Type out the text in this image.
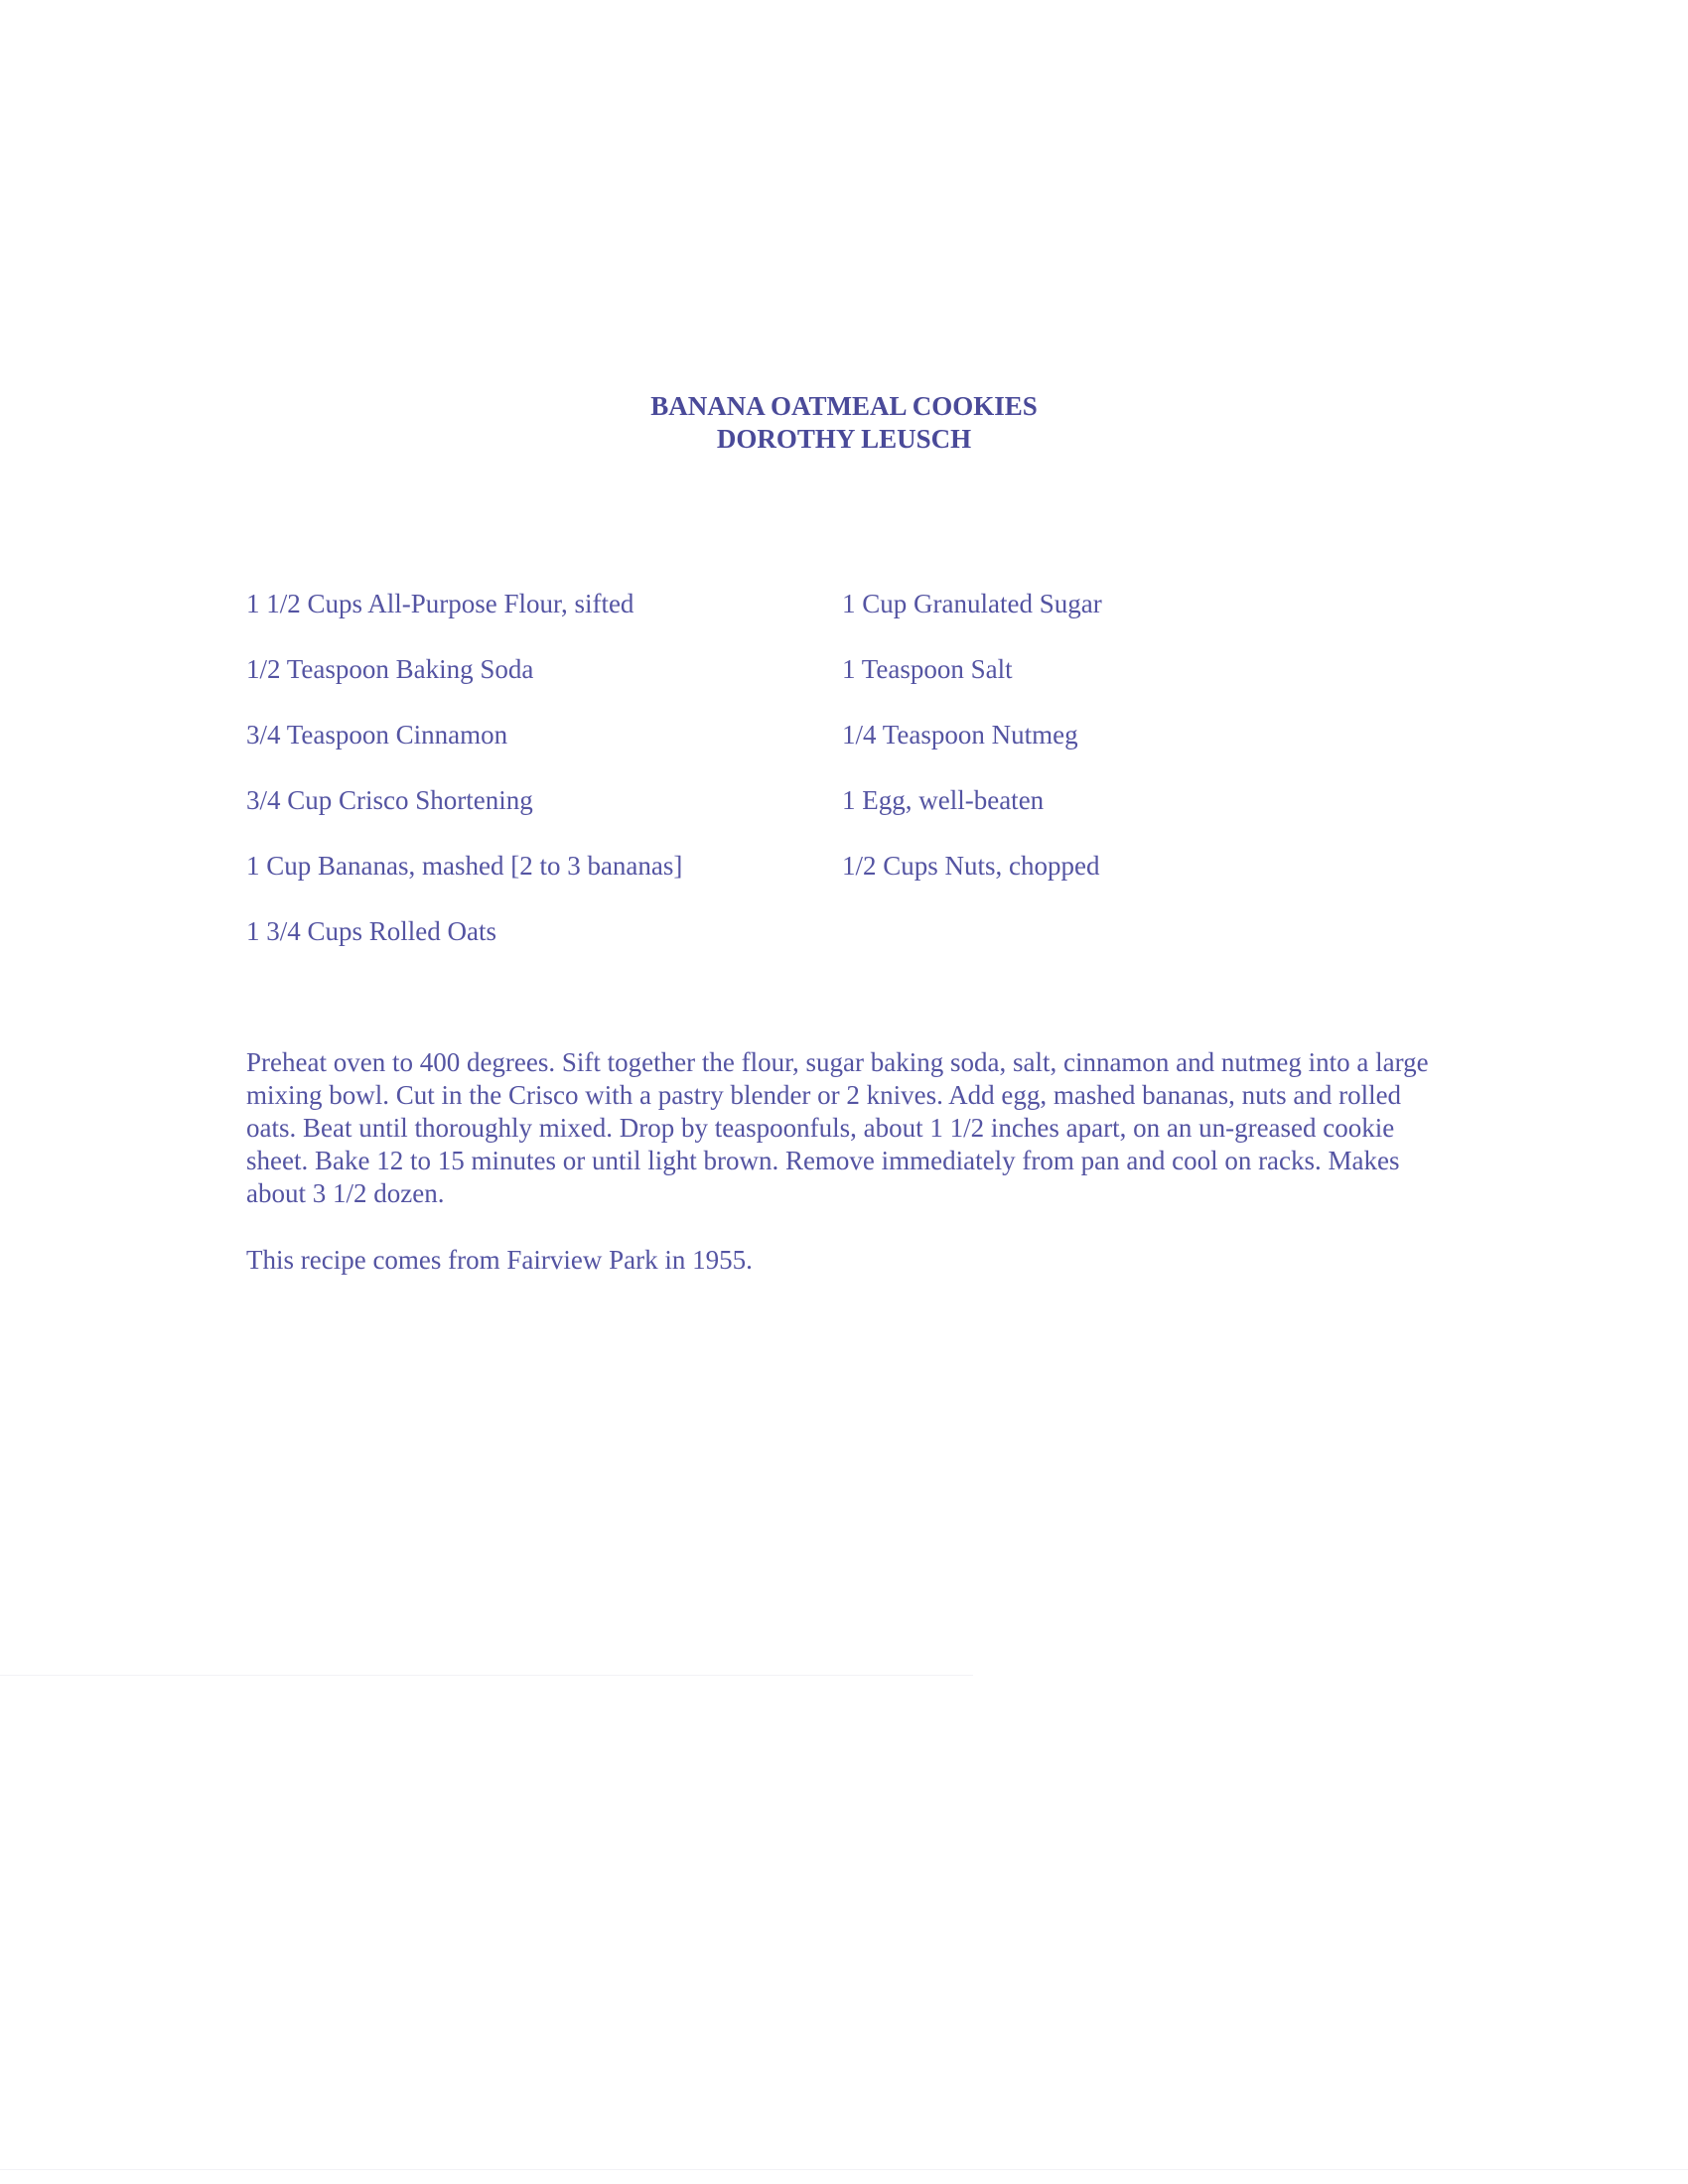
BANANA OATMEAL COOKIES
DOROTHY LEUSCH
1 1/2 Cups All-Purpose Flour, sifted	1 Cup Granulated Sugar
1/2 Teaspoon Baking Soda	1 Teaspoon Salt
3/4 Teaspoon Cinnamon	1/4 Teaspoon Nutmeg
3/4 Cup Crisco Shortening	1 Egg, well-beaten
1 Cup Bananas, mashed [2 to 3 bananas]	1/2 Cups Nuts, chopped
1 3/4 Cups Rolled Oats

Preheat oven to 400 degrees. Sift together the flour, sugar baking soda, salt, cinnamon and nutmeg into a large mixing bowl. Cut in the Crisco with a pastry blender or 2 knives. Add egg, mashed bananas, nuts and rolled oats. Beat until thoroughly mixed. Drop by teaspoonfuls, about 1 1/2 inches apart, on an un-greased cookie sheet. Bake 12 to 15 minutes or until light brown. Remove immediately from pan and cool on racks. Makes about 3 1/2 dozen.

This recipe comes from Fairview Park in 1955.
